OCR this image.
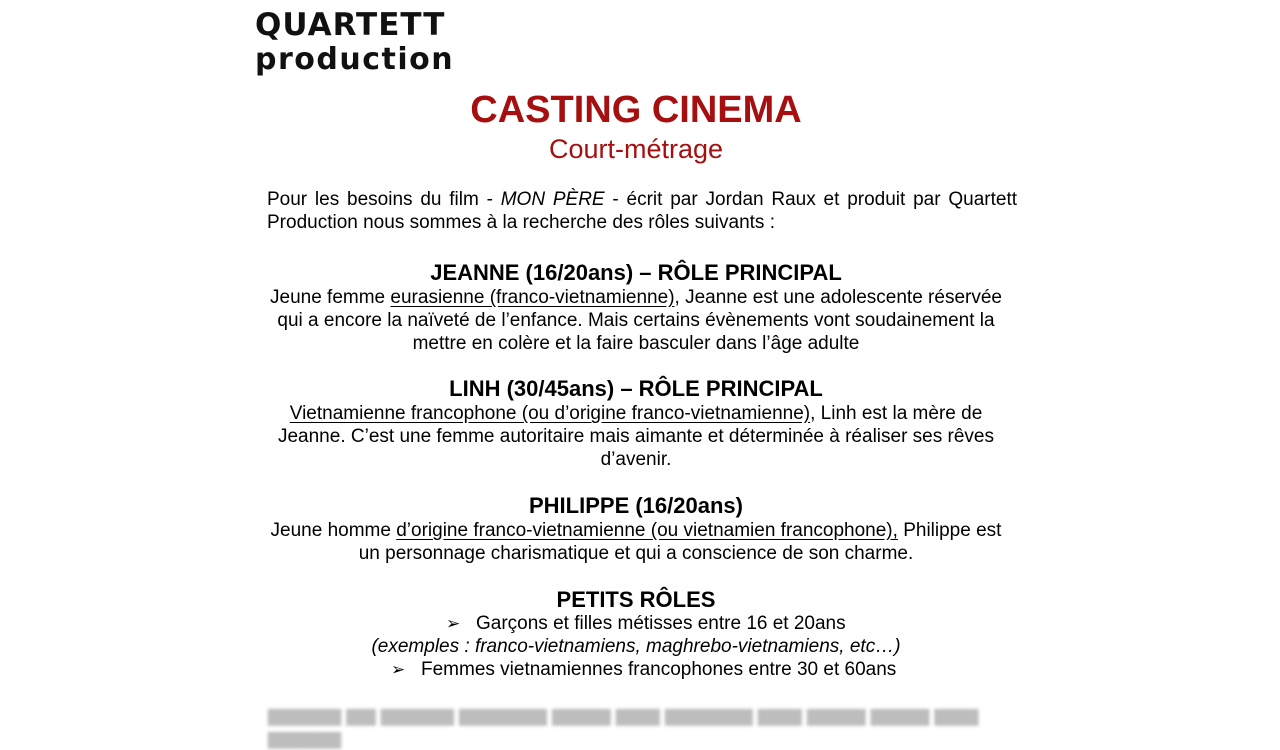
QUARTETT
production
CASTING CINEMA
Court-métrage
Pour les besoins du film - MON PÈRE - écrit par Jordan Raux et produit par Quartett Production nous sommes à la recherche des rôles suivants :
JEANNE (16/20ans) – RÔLE PRINCIPAL
Jeune femme eurasienne (franco-vietnamienne), Jeanne est une adolescente réservée qui a encore la naïveté de l’enfance. Mais certains évènements vont soudainement la mettre en colère et la faire basculer dans l’âge adulte
LINH (30/45ans) – RÔLE PRINCIPAL
Vietnamienne francophone (ou d’origine franco-vietnamienne), Linh est la mère de Jeanne. C’est une femme autoritaire mais aimante et déterminée à réaliser ses rêves d’avenir.
PHILIPPE (16/20ans)
Jeune homme d’origine franco-vietnamienne (ou vietnamien francophone), Philippe est un personnage charismatique et qui a conscience de son charme.
PETITS RÔLES
➢ Garçons et filles métisses entre 16 et 20ans
(exemples : franco-vietnamiens, maghrebo-vietnamiens, etc…)
➢ Femmes vietnamiennes francophones entre 30 et 60ans
▆▆▆▆▆ ▆▆ ▆▆▆▆▆ ▆▆▆▆▆▆ ▆▆▆▆ ▆▆▆ ▆▆▆▆▆▆ ▆▆▆ ▆▆▆▆ ▆▆▆▆ ▆▆▆ ▆▆▆▆▆
